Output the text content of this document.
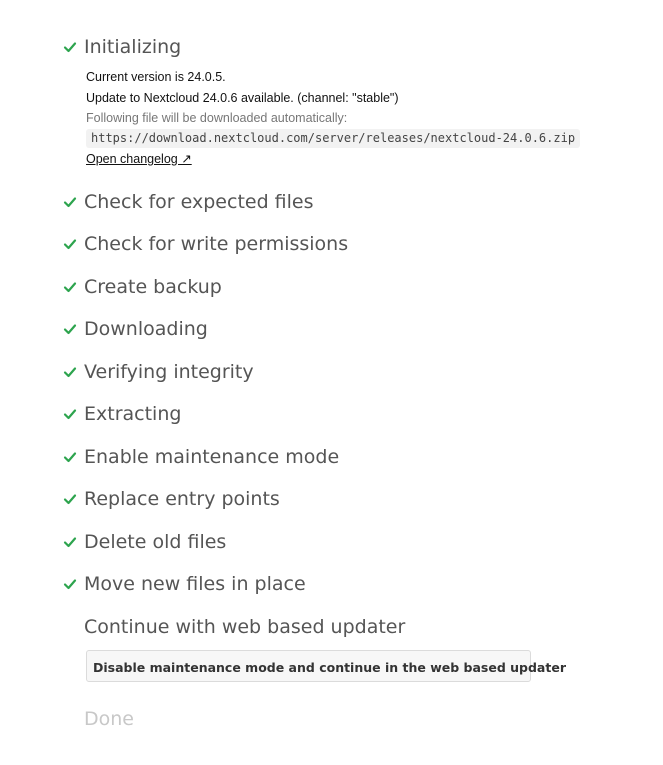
Initializing
Current version is 24.0.5.
Update to Nextcloud 24.0.6 available. (channel: "stable")
Following file will be downloaded automatically:
https://download.nextcloud.com/server/releases/nextcloud-24.0.6.zip
Open changelog ↗
Check for expected files
Check for write permissions
Create backup
Downloading
Verifying integrity
Extracting
Enable maintenance mode
Replace entry points
Delete old files
Move new files in place
Continue with web based updater
Disable maintenance mode and continue in the web based updater
Done
